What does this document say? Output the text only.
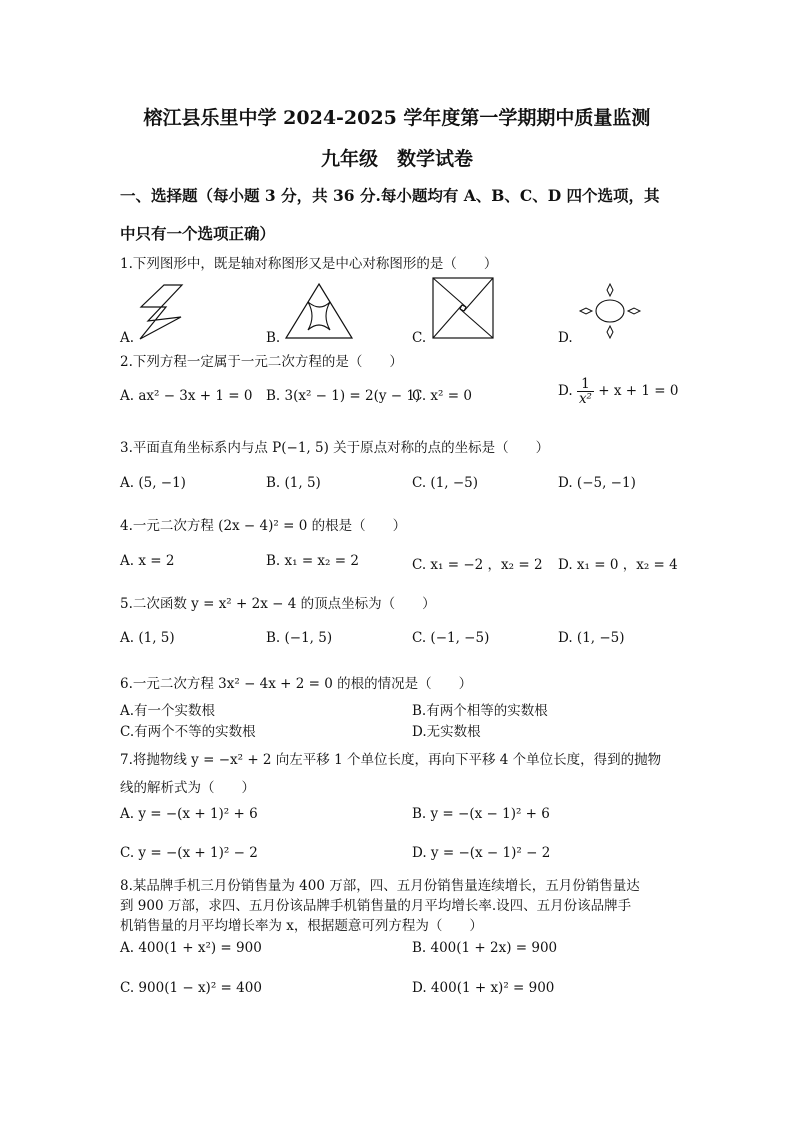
榕江县乐里中学 2024-2025 学年度第一学期期中质量监测
九年级　数学试卷
一、选择题（每小题 3 分，共 36 分.每小题均有 A、B、C、D 四个选项，其
中只有一个选项正确）
1.下列图形中，既是轴对称图形又是中心对称图形的是（　　）
A.	B.	C.	D.
2.下列方程一定属于一元二次方程的是（　　）
A. ax² − 3x + 1 = 0 B. 3(x² − 1) = 2(y − 1)
C. x² = 0	D. $\frac{1}{\text{x²}} + x + 1 = 0$
3.平面直角坐标系内与点 P(−1, 5) 关于原点对称的点的坐标是（　　）
A. (5, −1)	B. (1, 5)	C. (1, −5)	D. (−5, −1)
4.一元二次方程 (2x − 4)² = 0 的根是（　　）
A. x = 2	B. x₁ = x₂ = 2	C. x₁ = −2 ，x₂ = 2 D. x₁ = 0 ，x₂ = 4
5.二次函数 y = x² + 2x − 4 的顶点坐标为（　　）
A. (1, 5)	B. (−1, 5)	C. (−1, −5)	D. (1, −5)
6.一元二次方程 3x² − 4x + 2 = 0 的根的情况是（　　）
A.有一个实数根	B.有两个相等的实数根
C.有两个不等的实数根	D.无实数根
7.将抛物线 y = −x² + 2 向左平移 1 个单位长度，再向下平移 4 个单位长度，得到的抛物
线的解析式为（　　）
A. y = −(x + 1)² + 6	B. y = −(x − 1)² + 6
C. y = −(x + 1)² − 2	D. y = −(x − 1)² − 2
8.某品牌手机三月份销售量为 400 万部，四、五月份销售量连续增长，五月份销售量达
到 900 万部，求四、五月份该品牌手机销售量的月平均增长率.设四、五月份该品牌手
机销售量的月平均增长率为 x，根据题意可列方程为（　　）
A. 400(1 + x²) = 900	B. 400(1 + 2x) = 900
C. 900(1 − x)² = 400	D. 400(1 + x)² = 900
